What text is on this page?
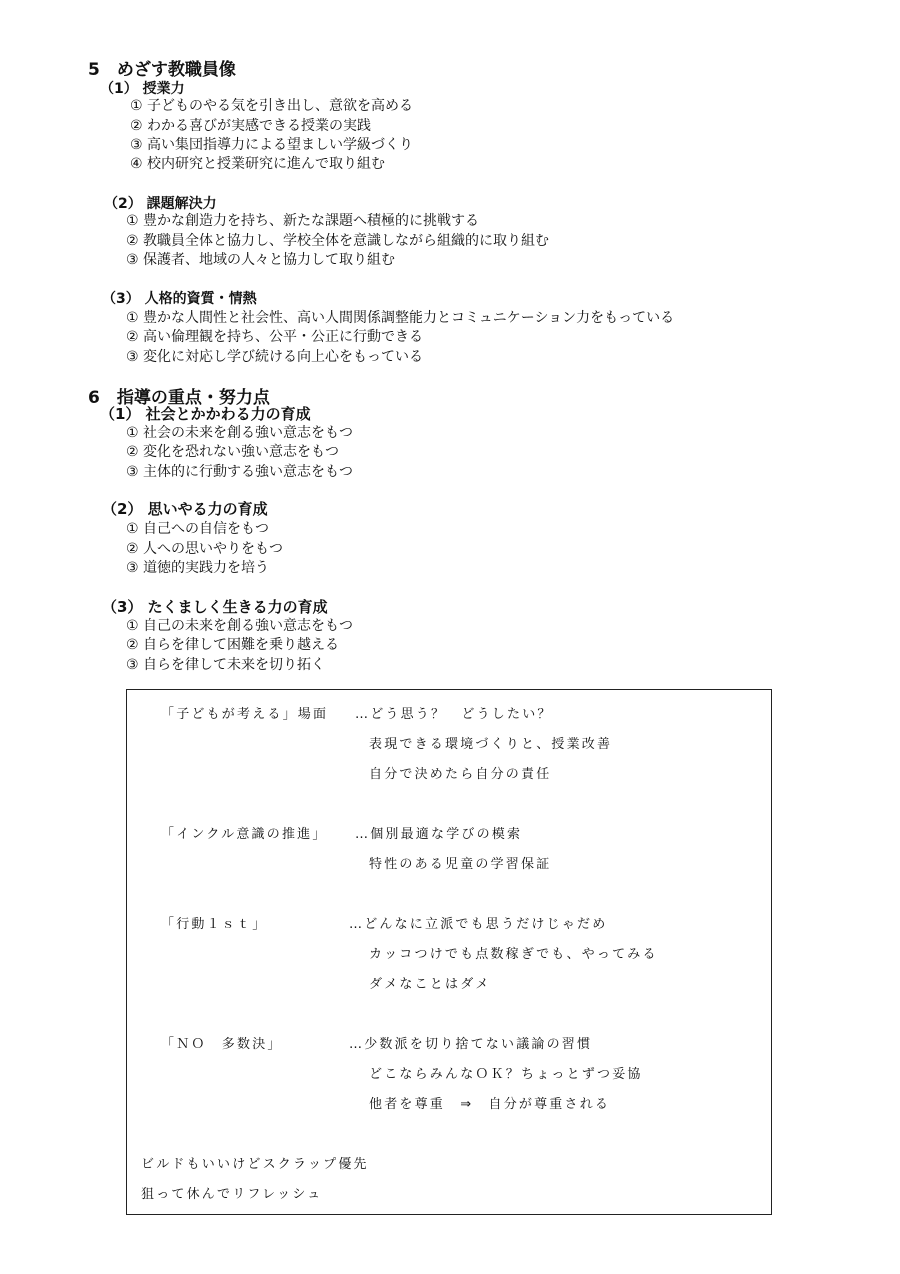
5　めざす教職員像
（1） 授業力
① 子どものやる気を引き出し、意欲を高める
② わかる喜びが実感できる授業の実践
③ 高い集団指導力による望ましい学級づくり
④ 校内研究と授業研究に進んで取り組む
（2） 課題解決力
① 豊かな創造力を持ち、新たな課題へ積極的に挑戦する
② 教職員全体と協力し、学校全体を意識しながら組織的に取り組む
③ 保護者、地域の人々と協力して取り組む
（3） 人格的資質・情熱
① 豊かな人間性と社会性、高い人間関係調整能力とコミュニケーション力をもっている
② 高い倫理観を持ち、公平・公正に行動できる
③ 変化に対応し学び続ける向上心をもっている
6　指導の重点・努力点
（1） 社会とかかわる力の育成
① 社会の未来を創る強い意志をもつ
② 変化を恐れない強い意志をもつ
③ 主体的に行動する強い意志をもつ
（2） 思いやる力の育成
① 自己への自信をもつ
② 人への思いやりをもつ
③ 道徳的実践力を培う
（3） たくましく生きる力の育成
① 自己の未来を創る強い意志をもつ
② 自らを律して困難を乗り越える
③ 自らを律して未来を切り拓く
「子どもが考える」場面 …どう思う？　どうしたい？
表現できる環境づくりと、授業改善
自分で決めたら自分の責任
「インクル意識の推進」 …個別最適な学びの模索
特性のある児童の学習保証
「行動１ｓｔ」	…どんなに立派でも思うだけじゃだめ
カッコつけでも点数稼ぎでも、やってみる
ダメなことはダメ
「ＮＯ　多数決」	…少数派を切り捨てない議論の習慣
どこならみんなＯＫ？ちょっとずつ妥協
他者を尊重　⇒　自分が尊重される
ビルドもいいけどスクラップ優先
狙って休んでリフレッシュ
